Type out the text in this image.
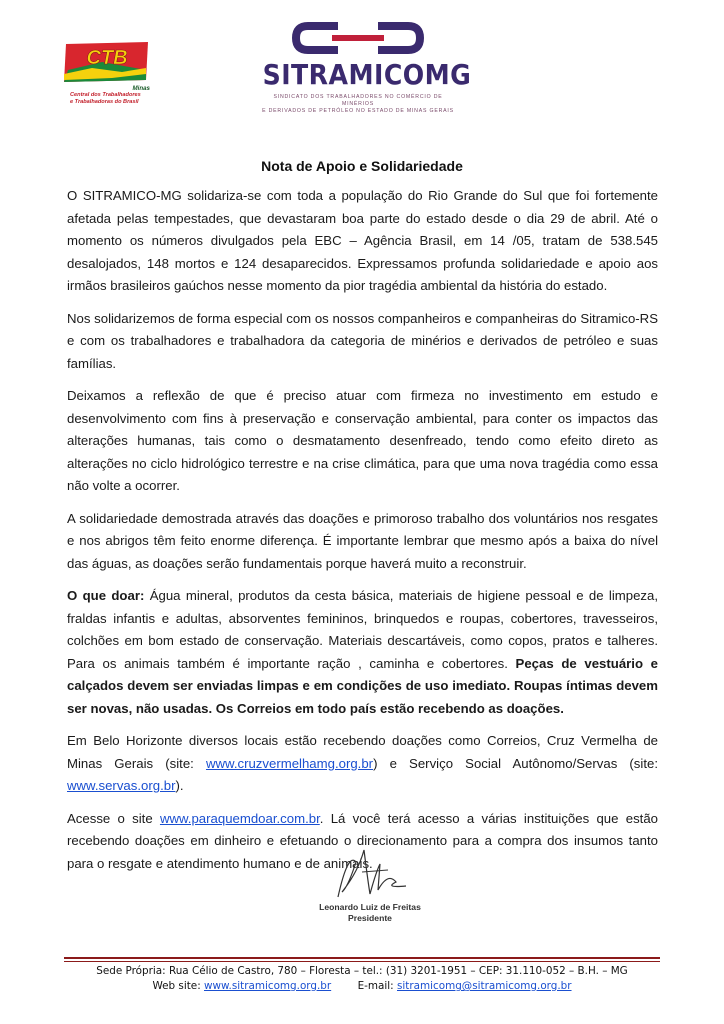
CTB
Minas
Central dos Trabalhadores
e Trabalhadoras do Brasil
SITRAMICOMG
SINDICATO DOS TRABALHADORES NO COMÉRCIO DE MINÉRIOS
E DERIVADOS DE PETRÓLEO NO ESTADO DE MINAS GERAIS
Nota de Apoio e Solidariedade

O SITRAMICO-MG solidariza-se com toda a população do Rio Grande do Sul que foi fortemente afetada pelas tempestades, que devastaram boa parte do estado desde o dia 29 de abril. Até o momento os números divulgados pela EBC – Agência Brasil, em 14 /05, tratam de 538.545 desalojados, 148 mortos e 124 desaparecidos. Expressamos profunda solidariedade e apoio aos irmãos brasileiros gaúchos nesse momento da pior tragédia ambiental da história do estado.

Nos solidarizemos de forma especial com os nossos companheiros e companheiras do Sitramico-RS e com os trabalhadores e trabalhadora da categoria de minérios e derivados de petróleo e suas famílias.

Deixamos a reflexão de que é preciso atuar com firmeza no investimento em estudo e desenvolvimento com fins à preservação e conservação ambiental, para conter os impactos das alterações humanas, tais como o desmatamento desenfreado, tendo como efeito direto as alterações no ciclo hidrológico terrestre e na crise climática, para que uma nova tragédia como essa não volte a ocorrer.

A solidariedade demostrada através das doações e primoroso trabalho dos voluntários nos resgates e nos abrigos têm feito enorme diferença. É importante lembrar que mesmo após a baixa do nível das águas, as doações serão fundamentais porque haverá muito a reconstruir.

O que doar: Água mineral, produtos da cesta básica, materiais de higiene pessoal e de limpeza, fraldas infantis e adultas, absorventes femininos, brinquedos e roupas, cobertores, travesseiros, colchões em bom estado de conservação. Materiais descartáveis, como copos, pratos e talheres. Para os animais também é importante ração , caminha e cobertores. Peças de vestuário e calçados devem ser enviadas limpas e em condições de uso imediato. Roupas íntimas devem ser novas, não usadas. Os Correios em todo país estão recebendo as doações.

Em Belo Horizonte diversos locais estão recebendo doações como Correios, Cruz Vermelha de Minas Gerais (site: www.cruzvermelhamg.org.br) e Serviço Social Autônomo/Servas (site: www.servas.org.br).

Acesse o site www.paraquemdoar.com.br. Lá você terá acesso a várias instituições que estão recebendo doações em dinheiro e efetuando o direcionamento para a compra dos insumos tanto para o resgate e atendimento humano e de animais.

Leonardo Luiz de Freitas
Presidente
Sede Própria: Rua Célio de Castro, 780 – Floresta – tel.: (31) 3201-1951 – CEP: 31.110-052 – B.H. – MG
Web site: www.sitramicomg.org.br	E-mail: sitramicomg@sitramicomg.org.br
